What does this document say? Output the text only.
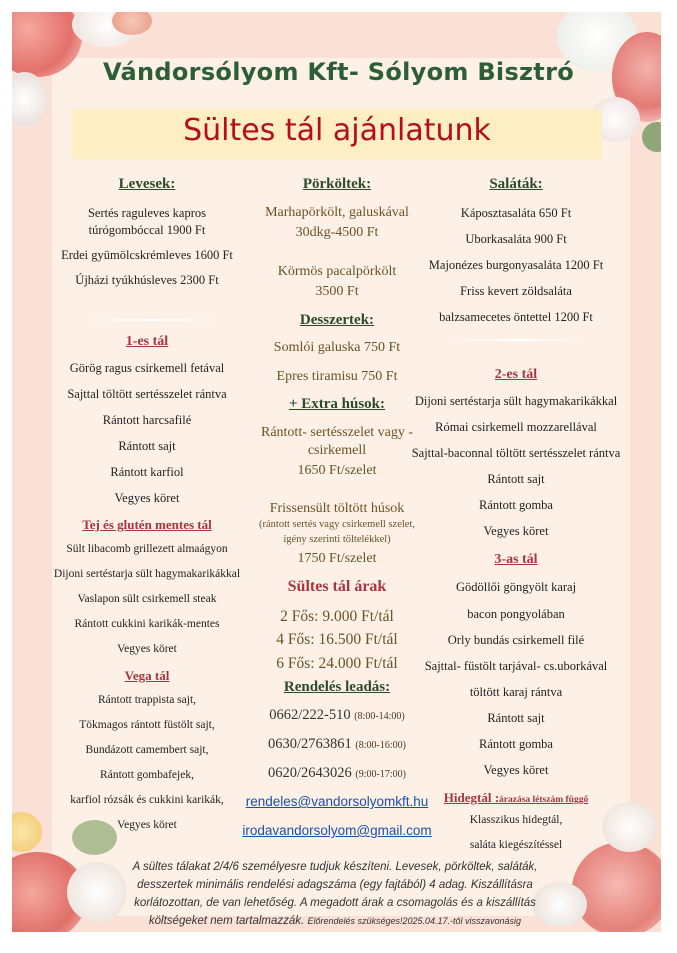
Vándorsólyom Kft- Sólyom Bisztró
Sültes tál ajánlatunk
Levesek:
Sertés raguleves kapros
túrógombóccal 1900 Ft
Erdei gyümölcskrémleves 1600 Ft
Újházi tyúkhúsleves 2300 Ft
1-es tál
Görög ragus csirkemell fetával
Sajttal töltött sertésszelet rántva
Rántott harcsafilé
Rántott sajt
Rántott karfiol
Vegyes köret
Tej és glutén mentes tál
Sült libacomb grillezett almaágyon
Dijoni sertéstarja sült hagymakarikákkal
Vaslapon sült csirkemell steak
Rántott cukkini karikák-mentes
Vegyes köret
Vega tál
Rántott trappista sajt,
Tökmagos rántott füstölt sajt,
Bundázott camembert sajt,
Rántott gombafejek,
karfiol rózsák és cukkini karikák,
Vegyes köret
Pörköltek:
Marhapörkölt, galuskával
30dkg-4500 Ft
Körmös pacalpörkölt
3500 Ft
Desszertek:
Somlói galuska 750 Ft
Epres tiramisu 750 Ft
+ Extra húsok:
Rántott- sertésszelet vagy -
csirkemell
1650 Ft/szelet
Frissensült töltött húsok
(rántott sertés vagy csirkemell szelet,
igény szerinti töltelékkel)
1750 Ft/szelet
Sültes tál árak
2 Fős: 9.000 Ft/tál
4 Fős: 16.500 Ft/tál
6 Fős: 24.000 Ft/tál
Rendelés leadás:
0662/222-510 (8:00-14:00)
0630/2763861 (8:00-16:00)
0620/2643026 (9:00-17:00)
rendeles@vandorsolyomkft.hu
irodavandorsolyom@gmail.com
Saláták:
Káposztasaláta 650 Ft
Uborkasaláta 900 Ft
Majonézes burgonyasaláta 1200 Ft
Friss kevert zöldsaláta
balzsamecetes öntettel 1200 Ft
2-es tál
Dijoni sertéstarja sült hagymakarikákkal
Római csirkemell mozzarellával
Sajttal-baconnal töltött sertésszelet rántva
Rántott sajt
Rántott gomba
Vegyes köret
3-as tál
Gödöllői göngyölt karaj
bacon pongyolában
Orly bundás csirkemell filé
Sajttal- füstölt tarjával- cs.uborkával
töltött karaj rántva
Rántott sajt
Rántott gomba
Vegyes köret
Hidegtál :árazása létszám függő
Klasszikus hidegtál,
saláta kiegészítéssel
A sültes tálakat 2/4/6 személyesre tudjuk készíteni. Levesek, pörköltek, saláták,
desszertek minimális rendelési adagszáma (egy fajtából) 4 adag. Kiszállításra
korlátozottan, de van lehetőség. A megadott árak a csomagolás és a kiszállítás
költségeket nem tartalmazzák. Előrendelés szükséges!2025.04.17.-től visszavonásig
